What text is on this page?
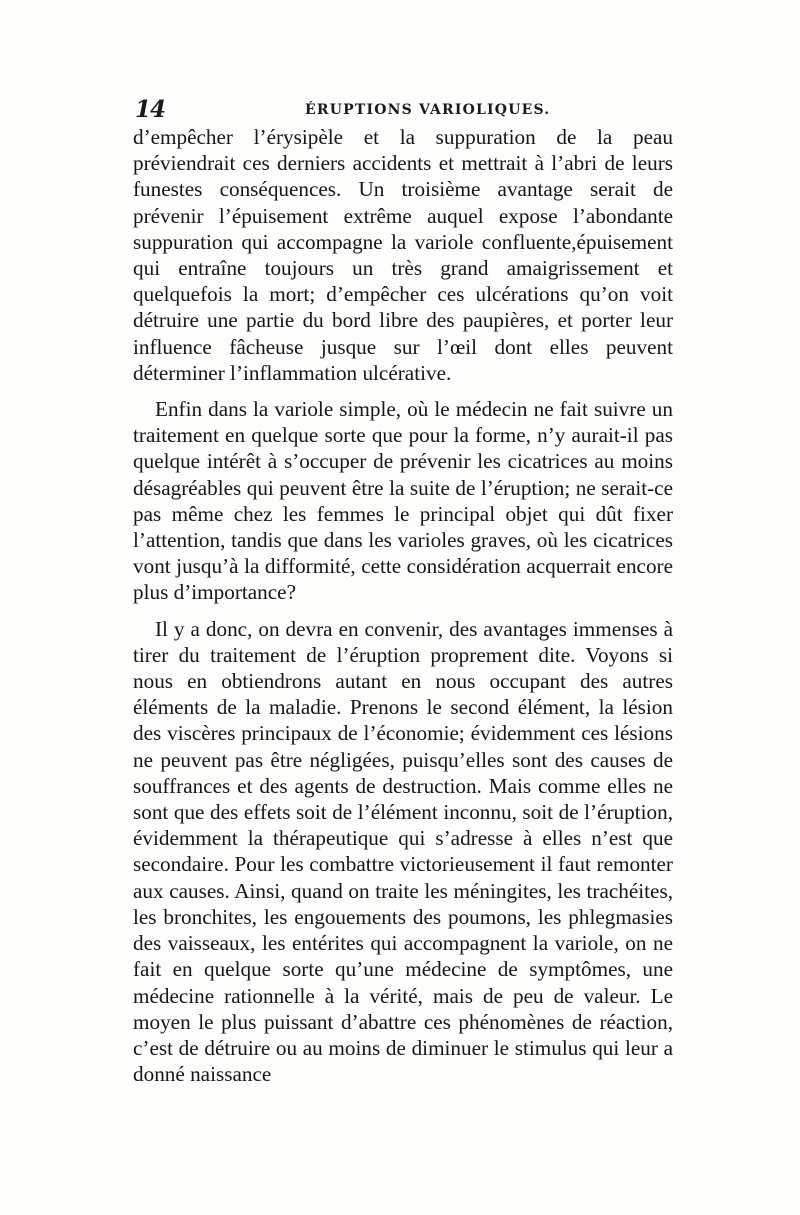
14	ÉRUPTIONS VARIOLIQUES.

d’empêcher l’érysipèle et la suppuration de la peau préviendrait ces derniers accidents et mettrait à l’abri de leurs funestes conséquences. Un troisième avantage serait de prévenir l’épuisement extrême auquel expose l’abondante suppuration qui accompagne la variole confluente,épuisement qui entraîne toujours un très grand amaigrissement et quelquefois la mort; d’empêcher ces ulcérations qu’on voit détruire une partie du bord libre des paupières, et porter leur influence fâcheuse jusque sur l’œil dont elles peuvent déterminer l’inflammation ulcérative.

Enfin dans la variole simple, où le médecin ne fait suivre un traitement en quelque sorte que pour la forme, n’y aurait-il pas quelque intérêt à s’occuper de prévenir les cicatrices au moins désagréables qui peuvent être la suite de l’éruption; ne serait-ce pas même chez les femmes le principal objet qui dût fixer l’attention, tandis que dans les varioles graves, où les cicatrices vont jusqu’à la difformité, cette considération acquerrait encore plus d’importance?

Il y a donc, on devra en convenir, des avantages immenses à tirer du traitement de l’éruption proprement dite. Voyons si nous en obtiendrons autant en nous occupant des autres éléments de la maladie. Prenons le second élément, la lésion des viscères principaux de l’économie; évidemment ces lésions ne peuvent pas être négligées, puisqu’elles sont des causes de souffrances et des agents de destruction. Mais comme elles ne sont que des effets soit de l’élément inconnu, soit de l’éruption, évidemment la thérapeutique qui s’adresse à elles n’est que secondaire. Pour les combattre victorieusement il faut remonter aux causes. Ainsi, quand on traite les méningites, les trachéites, les bronchites, les engouements des poumons, les phlegmasies des vaisseaux, les entérites qui accompagnent la variole, on ne fait en quelque sorte qu’une médecine de symptômes, une médecine rationnelle à la vérité, mais de peu de valeur. Le moyen le plus puissant d’abattre ces phénomènes de réaction, c’est de détruire ou au moins de diminuer le stimulus qui leur a donné naissance
